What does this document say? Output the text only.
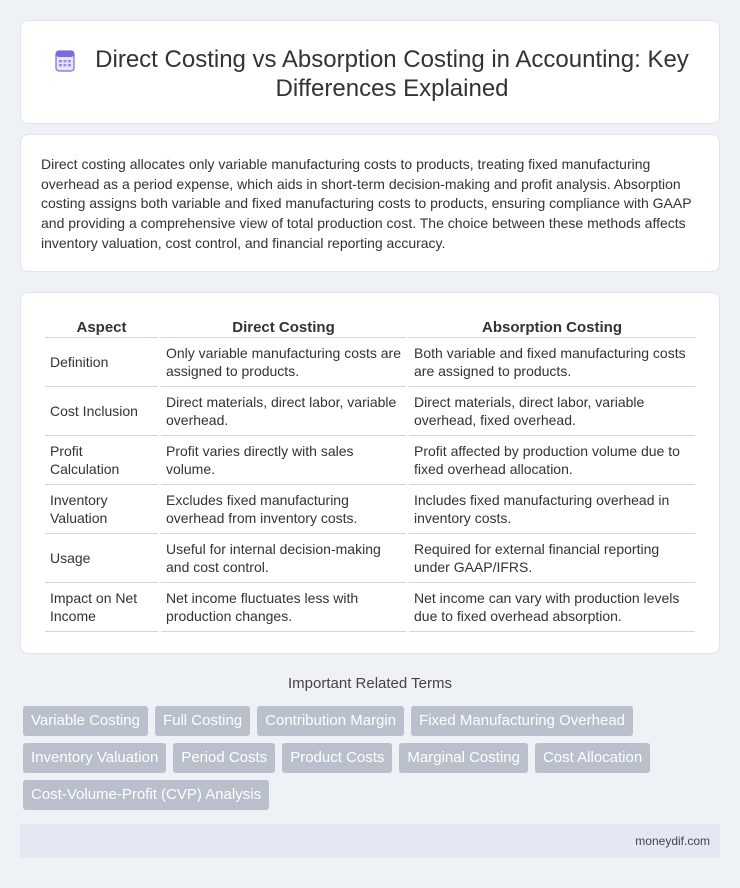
Direct Costing vs Absorption Costing in Accounting: Key Differences Explained

Direct costing allocates only variable manufacturing costs to products, treating fixed manufacturing overhead as a period expense, which aids in short-term decision-making and profit analysis. Absorption costing assigns both variable and fixed manufacturing costs to products, ensuring compliance with GAAP and providing a comprehensive view of total production cost. The choice between these methods affects inventory valuation, cost control, and financial reporting accuracy.

Aspect	Direct Costing	Absorption Costing
Definition	Only variable manufacturing costs are assigned to products.	Both variable and fixed manufacturing costs are assigned to products.
Cost Inclusion	Direct materials, direct labor, variable overhead.	Direct materials, direct labor, variable overhead, fixed overhead.
Profit Calculation	Profit varies directly with sales volume.	Profit affected by production volume due to fixed overhead allocation.
Inventory Valuation	Excludes fixed manufacturing overhead from inventory costs.	Includes fixed manufacturing overhead in inventory costs.
Usage	Useful for internal decision-making and cost control.	Required for external financial reporting under GAAP/IFRS.
Impact on Net Income	Net income fluctuates less with production changes.	Net income can vary with production levels due to fixed overhead absorption.
Important Related Terms
Variable Costing	Full Costing	Contribution Margin	Fixed Manufacturing Overhead
Inventory Valuation	Period Costs	Product Costs	Marginal Costing	Cost Allocation
Cost-Volume-Profit (CVP) Analysis
moneydif.com
